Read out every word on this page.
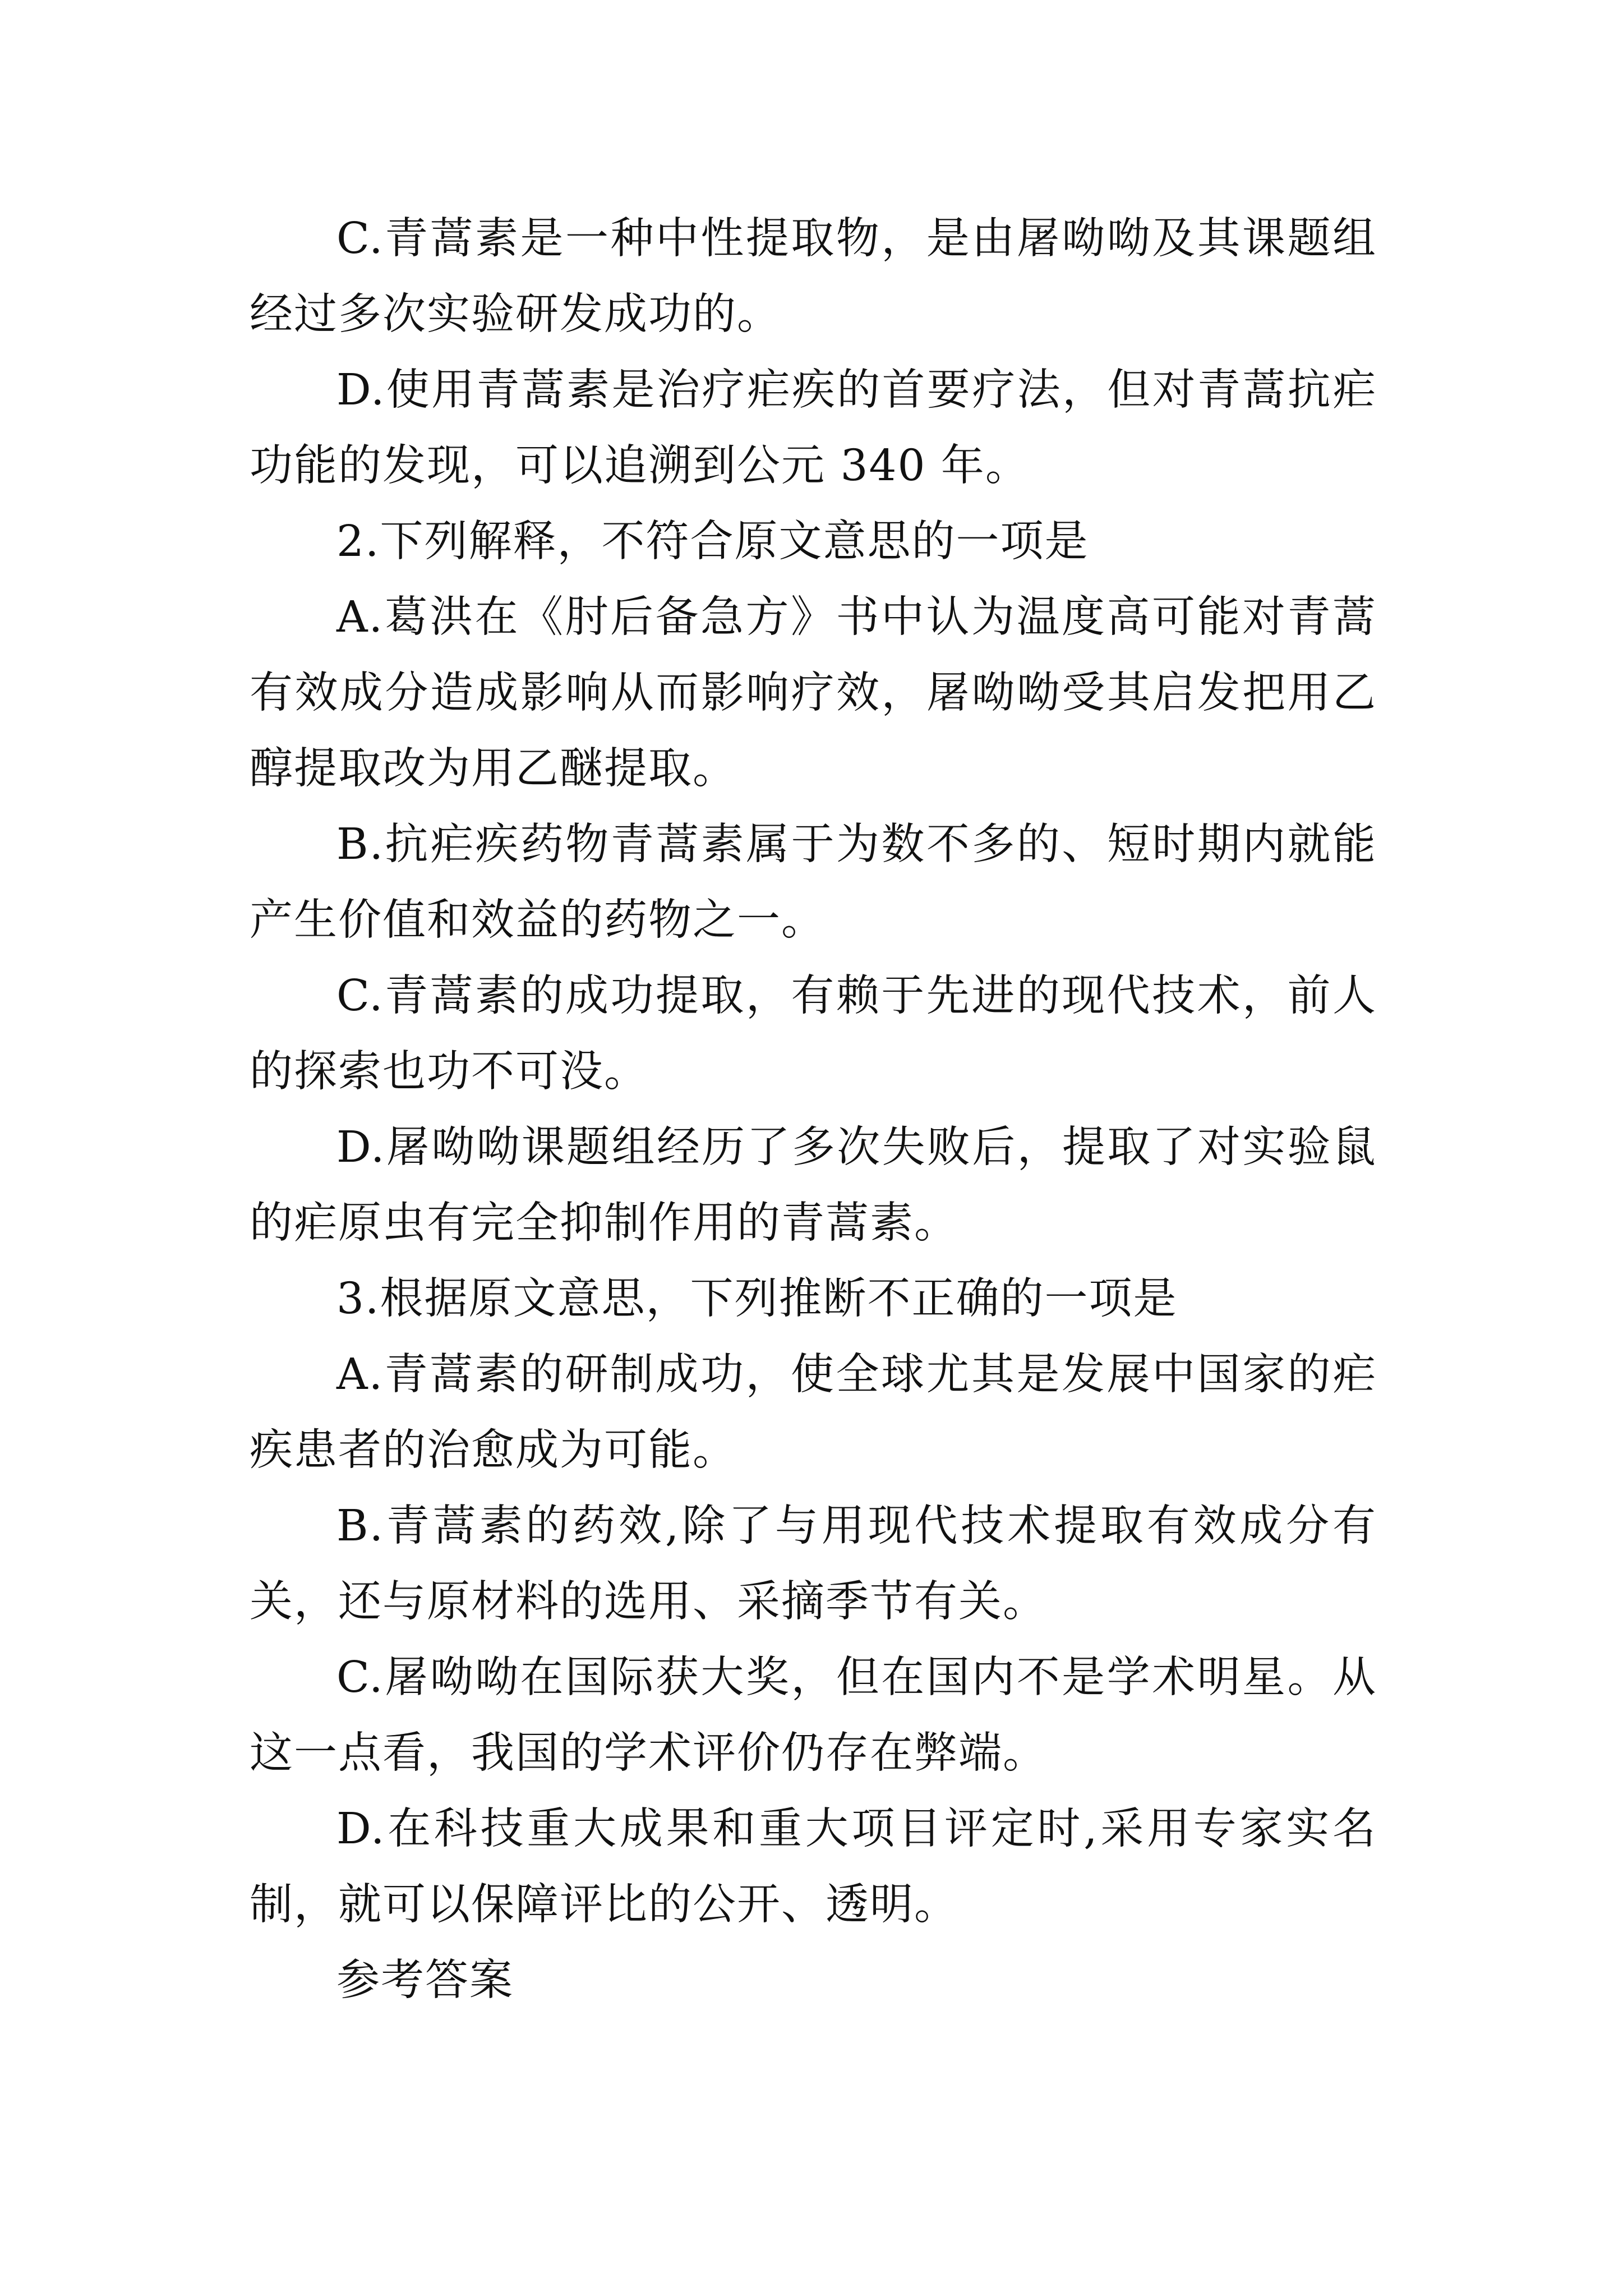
C.青蒿素是一种中性提取物，是由屠呦呦及其课题组经过多次实验研发成功的。

D.使用青蒿素是治疗疟疾的首要疗法，但对青蒿抗疟功能的发现，可以追溯到公元 340 年。

2.下列解释，不符合原文意思的一项是

A.葛洪在《肘后备急方》书中认为温度高可能对青蒿有效成分造成影响从而影响疗效，屠呦呦受其启发把用乙醇提取改为用乙醚提取。

B.抗疟疾药物青蒿素属于为数不多的、短时期内就能产生价值和效益的药物之一。

C.青蒿素的成功提取，有赖于先进的现代技术，前人的探索也功不可没。

D.屠呦呦课题组经历了多次失败后，提取了对实验鼠的疟原虫有完全抑制作用的青蒿素。

3.根据原文意思，下列推断不正确的一项是

A.青蒿素的研制成功，使全球尤其是发展中国家的疟疾患者的治愈成为可能。

B.青蒿素的药效,除了与用现代技术提取有效成分有关，还与原材料的选用、采摘季节有关。

C.屠呦呦在国际获大奖，但在国内不是学术明星。从这一点看，我国的学术评价仍存在弊端。

D.在科技重大成果和重大项目评定时,采用专家实名制，就可以保障评比的公开、透明。

参考答案
